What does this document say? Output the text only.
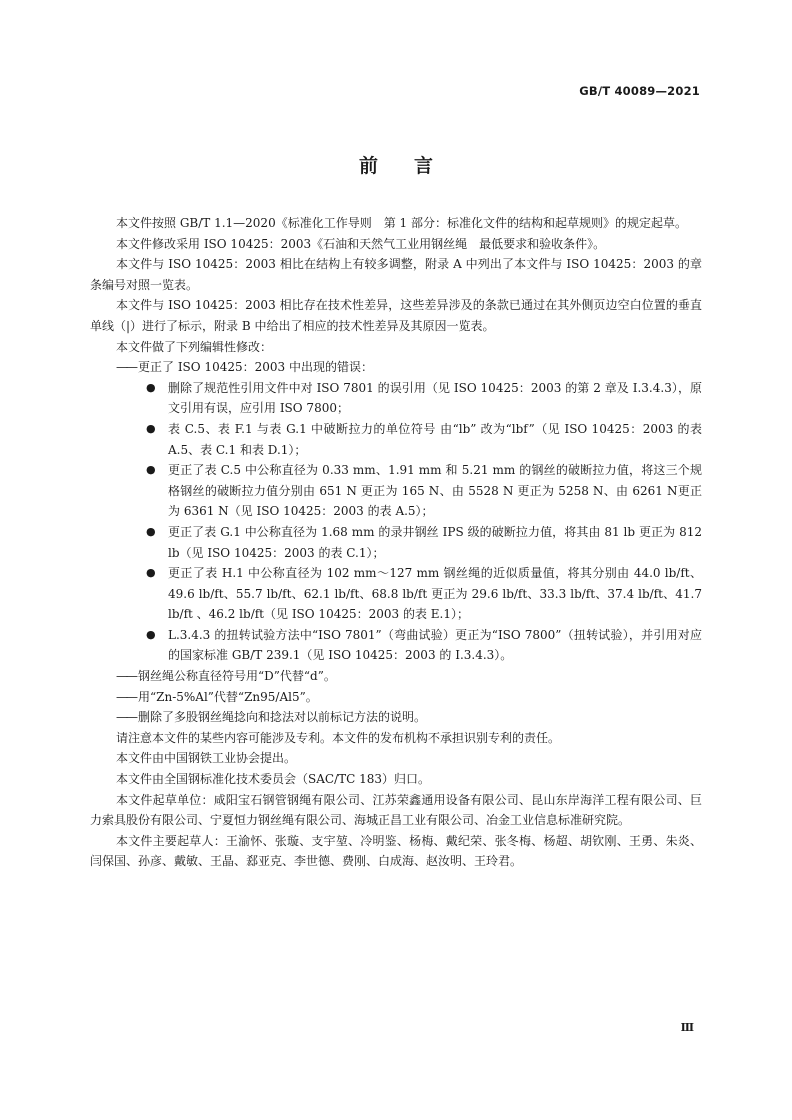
GB/T 40089—2021
前 言

本文件按照 GB/T 1.1—2020《标准化工作导则　第 1 部分：标准化文件的结构和起草规则》的规定起草。

本文件修改采用 ISO 10425：2003《石油和天然气工业用钢丝绳　最低要求和验收条件》。

本文件与 ISO 10425：2003 相比在结构上有较多调整，附录 A 中列出了本文件与 ISO 10425：2003 的章条编号对照一览表。

本文件与 ISO 10425：2003 相比存在技术性差异，这些差异涉及的条款已通过在其外侧页边空白位置的垂直单线（|）进行了标示，附录 B 中给出了相应的技术性差异及其原因一览表。

本文件做了下列编辑性修改：

—— 更正了 ISO 10425：2003 中出现的错误：
●	删除了规范性引用文件中对 ISO 7801 的误引用（见 ISO 10425：2003 的第 2 章及 I.3.4.3），原文引用有误，应引用 ISO 7800；
●	表 C.5、表 F.1 与表 G.1 中破断拉力的单位符号 由“lb” 改为“lbf”（见 ISO 10425：2003 的表 A.5、表 C.1 和表 D.1）；
●	更正了表 C.5 中公称直径为 0.33 mm、1.91 mm 和 5.21 mm 的钢丝的破断拉力值，将这三个规格钢丝的破断拉力值分别由 651 N 更正为 165 N、由 5528 N 更正为 5258 N、由 6261 N更正为 6361 N（见 ISO 10425：2003 的表 A.5）；
●	更正了表 G.1 中公称直径为 1.68 mm 的录井钢丝 IPS 级的破断拉力值，将其由 81 lb 更正为 812 lb（见 ISO 10425：2003 的表 C.1）；
●	更正了表 H.1 中公称直径为 102 mm～127 mm 钢丝绳的近似质量值，将其分别由 44.0 lb/ft、49.6 lb/ft、55.7 lb/ft、62.1 lb/ft、68.8 lb/ft 更正为 29.6 lb/ft、33.3 lb/ft、37.4 lb/ft、41.7 lb/ft 、46.2 lb/ft（见 ISO 10425：2003 的表 E.1）；
●	L.3.4.3 的扭转试验方法中“ISO 7801”（弯曲试验）更正为“ISO 7800”（扭转试验），并引用对应的国家标准 GB/T 239.1（见 ISO 10425：2003 的 I.3.4.3）。
—— 钢丝绳公称直径符号用“D”代替“d”。
—— 用“Zn-5%Al”代替“Zn95/Al5”。
—— 删除了多股钢丝绳捻向和捻法对以前标记方法的说明。

请注意本文件的某些内容可能涉及专利。本文件的发布机构不承担识别专利的责任。

本文件由中国钢铁工业协会提出。

本文件由全国钢标准化技术委员会（SAC/TC 183）归口。

本文件起草单位：咸阳宝石钢管钢绳有限公司、江苏荣鑫通用设备有限公司、昆山东岸海洋工程有限公司、巨力索具股份有限公司、宁夏恒力钢丝绳有限公司、海城正昌工业有限公司、冶金工业信息标准研究院。

本文件主要起草人：王渝怀、张璇、支宇堃、冷明鉴、杨梅、戴纪荣、张冬梅、杨超、胡钦刚、王勇、朱炎、闫保国、孙彦、戴敏、王晶、郄亚克、李世德、费刚、白成海、赵汝明、王玲君。

Ⅲ
